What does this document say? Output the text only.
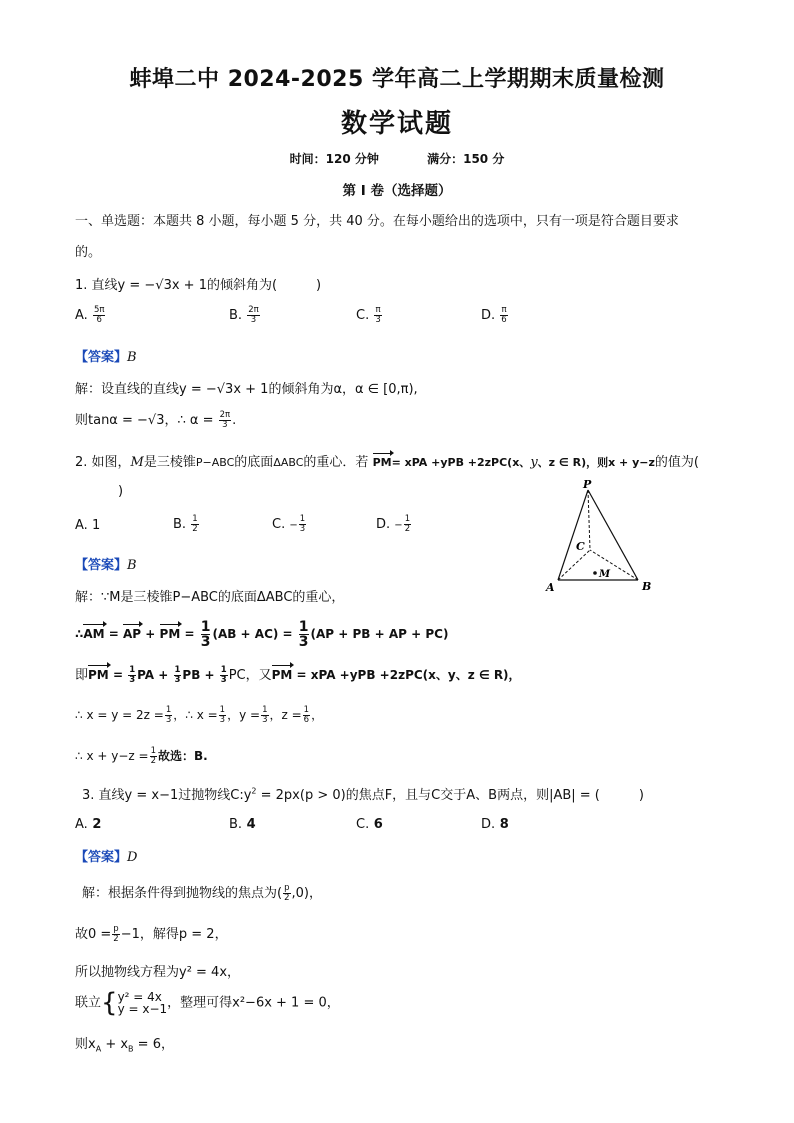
蚌埠二中 2024-2025 学年高二上学期期末质量检测
数学试题
时间：120 分钟	满分：150 分
第 I 卷（选择题）
一、单选题：本题共 8 小题，每小题 5 分，共 40 分。在每小题给出的选项中，只有一项是符合题目要求
的。
1. 直线y = −√3x + 1的倾斜角为(　　　)
A. $\frac{5\pi}{6}$	B. $\frac{2\pi}{3}$	C. $\frac{\pi}{3}$	D. $\frac{\pi}{6}$
【答案】B
解：设直线的直线y = −√3x + 1的倾斜角为α，α ∈ [0,π),
则tanα = −√3，∴ $\alpha = \frac{2\pi}{3}$ .
2. 如图，M是三棱锥P−ABC的底面ΔABC的重心．若 PM= xPA +yPB +2zPC(x、y、z ∈ R)，则x + y−z的值为(
)
A. 1	B. $\frac{1}{2}$	C. − $\frac{1}{3}$	D. − $\frac{1}{2}$
P
A	B
C
M
【答案】B
解：∵M是三棱锥P−ABC的底面ΔABC的重心，
∴AM = AP + PM = $\frac{1}{3} (AB + AC) = \frac{1}{3} (AP$ + PB + AP + PC)
即PM = $\frac{1}{3}$ PA + $\frac{1}{3}$ PB + $\frac{1}{3}$ PC，又PM = xPA +yPB +2zPC(x、y、z ∈ R)，
∴ $x = y = 2z = \frac{1}{3}$ ，∴ $x = \frac{1}{3}$ ，$y = \frac{1}{3}$ ，$z = \frac{1}{6}$ ，
∴ $x + y-z = \frac{1}{2}$ 故选：B.
3. 直线y = x−1过抛物线$C:y^2 = 2px(p > 0)$的焦点F，且与C交于A、B两点，则|AB| = (　　　)
A. 2	B. 4	C. 6	D. 8
【答案】D
解：根据条件得到抛物线的焦点为( $\frac{p}{2} ,0$)，
故$0 = \frac{p}{2} -1$，解得p = 2，
所以抛物线方程为y² = 4x，
联立{ y² = 4x
y = x−1 ，整理可得x²−6x + 1 = 0，
则$x_A + x_B = 6$，
